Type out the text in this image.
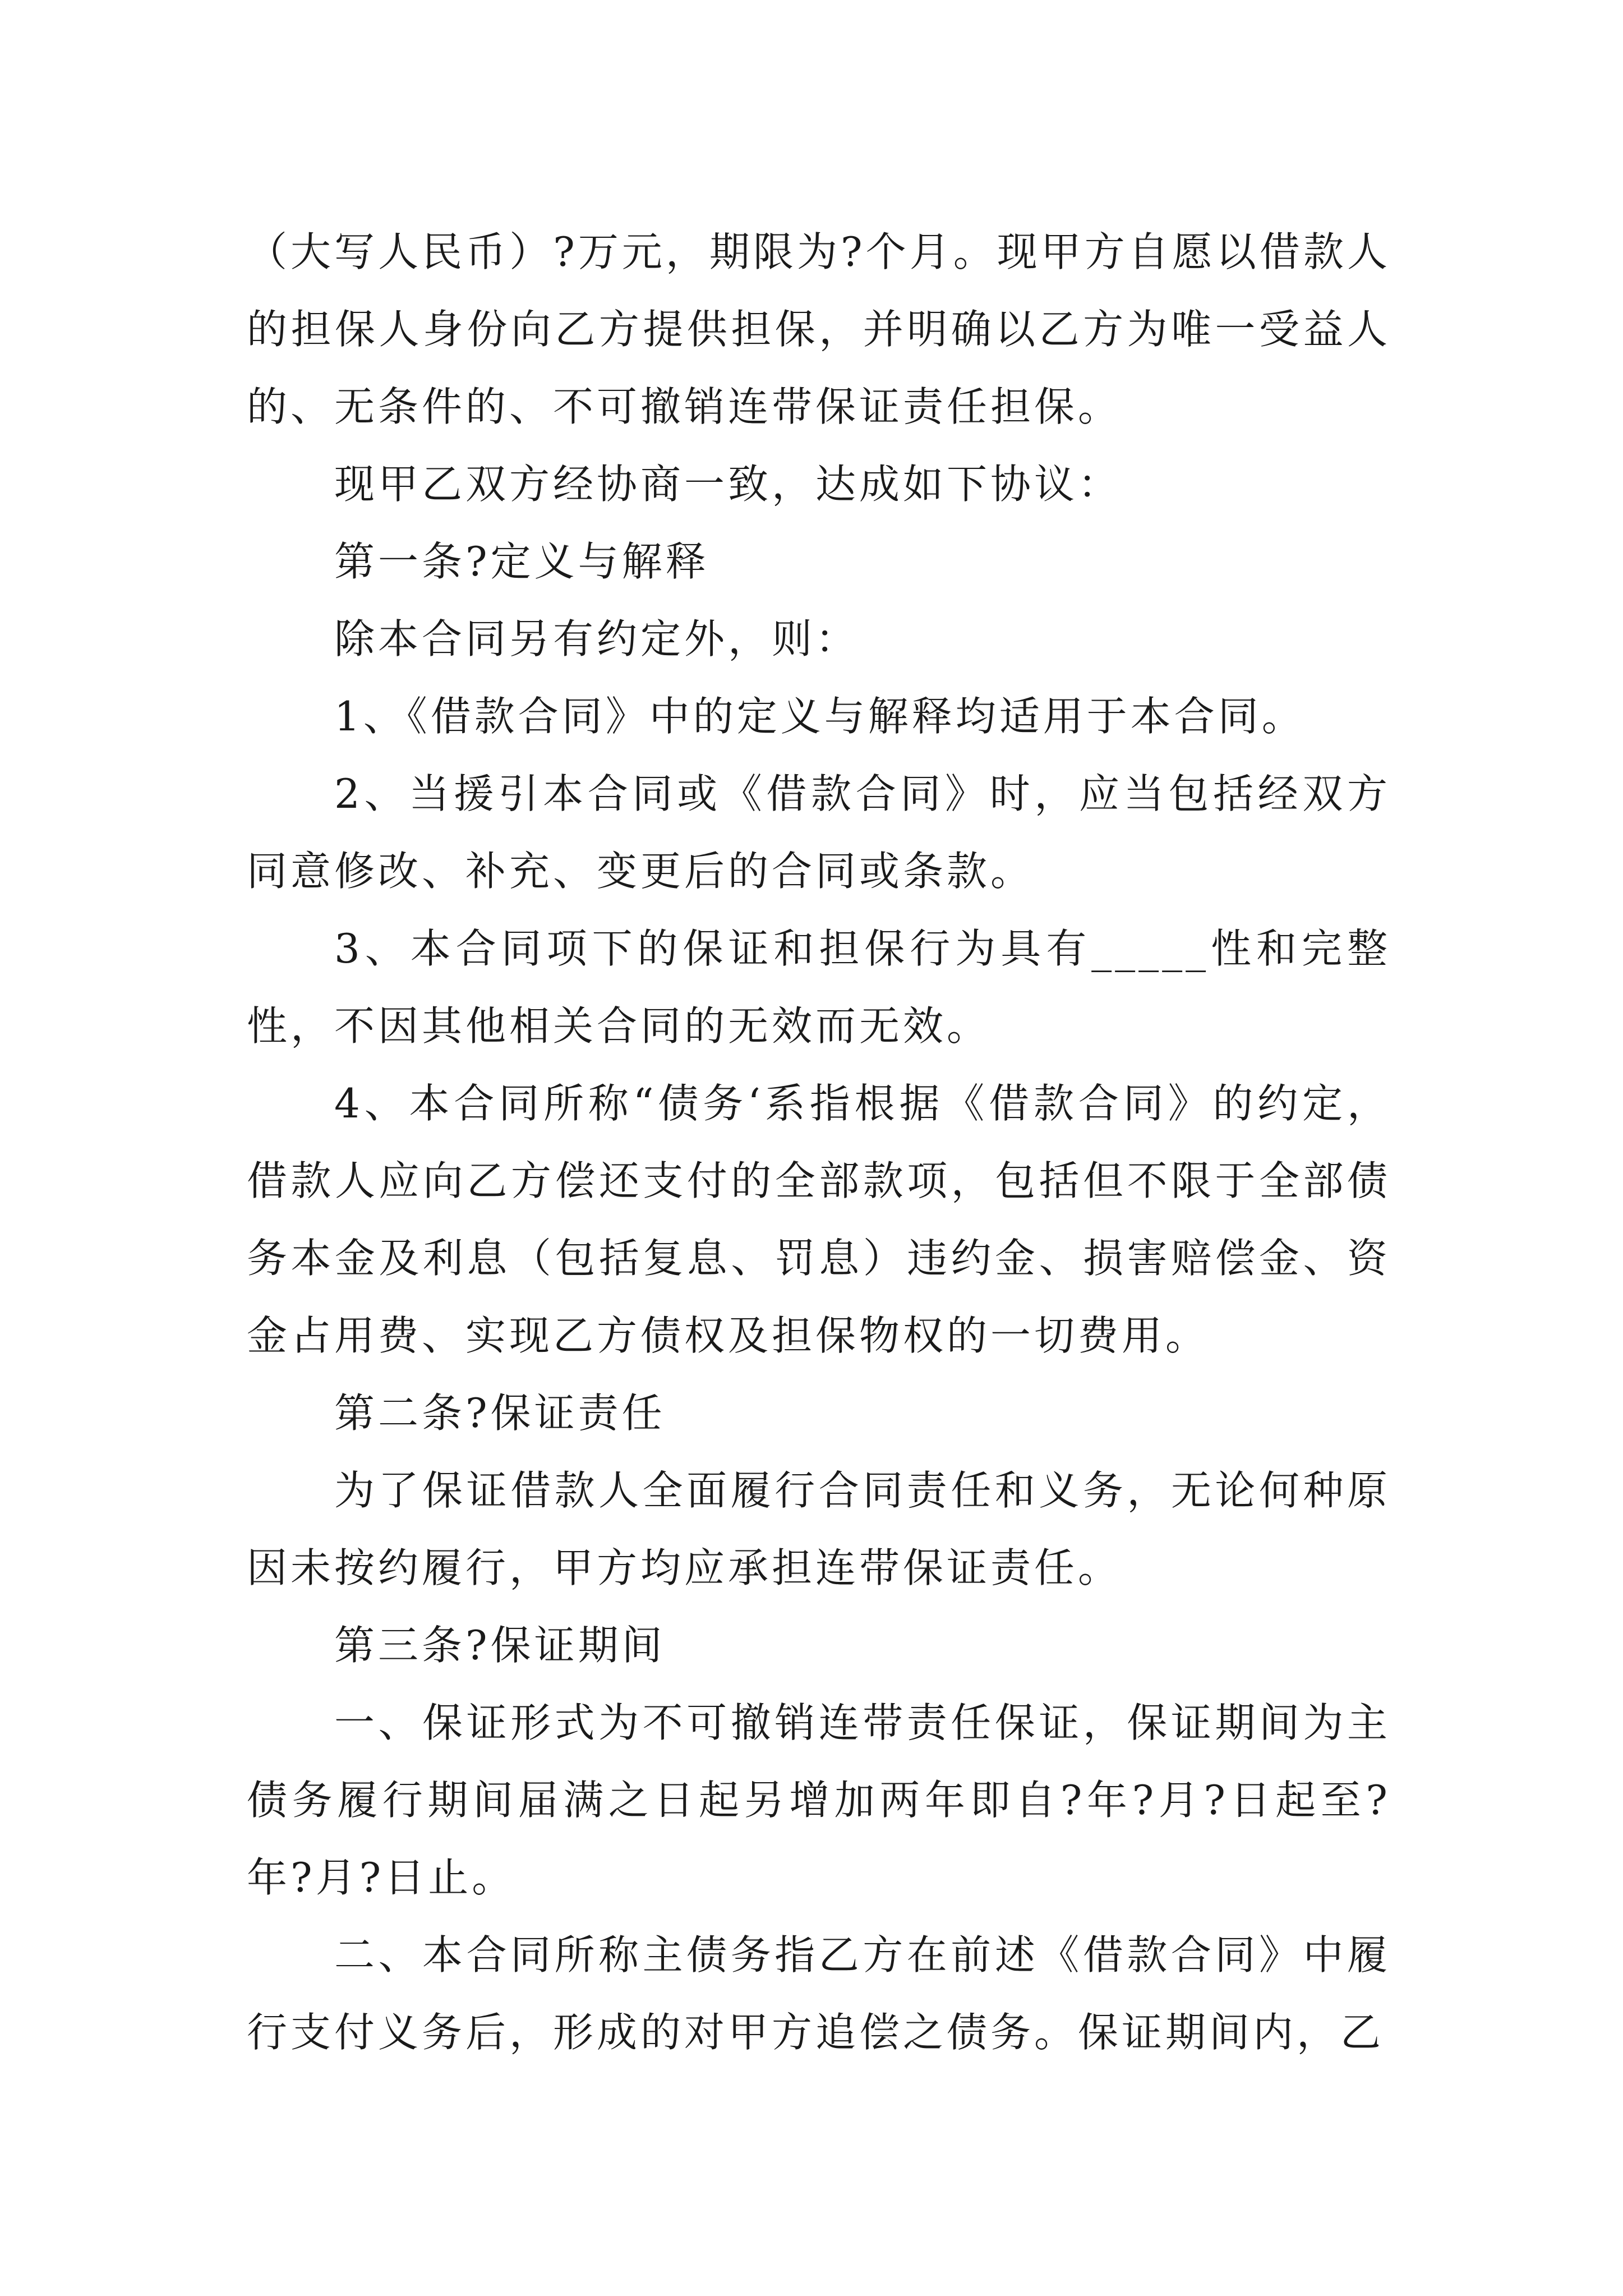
（大写人民币）?万元，期限为?个月。现甲方自愿以借款人的担保人身份向乙方提供担保，并明确以乙方为唯一受益人的、无条件的、不可撤销连带保证责任担保。

现甲乙双方经协商一致，达成如下协议：

第一条?定义与解释

除本合同另有约定外，则：

1、《借款合同》中的定义与解释均适用于本合同。

2、当援引本合同或《借款合同》时，应当包括经双方同意修改、补充、变更后的合同或条款。

3、本合同项下的保证和担保行为具有_____性和完整性，不因其他相关合同的无效而无效。

4、本合同所称“债务‘系指根据《借款合同》的约定，借款人应向乙方偿还支付的全部款项，包括但不限于全部债务本金及利息（包括复息、罚息）违约金、损害赔偿金、资金占用费、实现乙方债权及担保物权的一切费用。

第二条?保证责任

为了保证借款人全面履行合同责任和义务，无论何种原因未按约履行，甲方均应承担连带保证责任。

第三条?保证期间

一、保证形式为不可撤销连带责任保证，保证期间为主债务履行期间届满之日起另增加两年即自?年?月?日起至?年?月?日止。

二、本合同所称主债务指乙方在前述《借款合同》中履行支付义务后，形成的对甲方追偿之债务。保证期间内，乙
